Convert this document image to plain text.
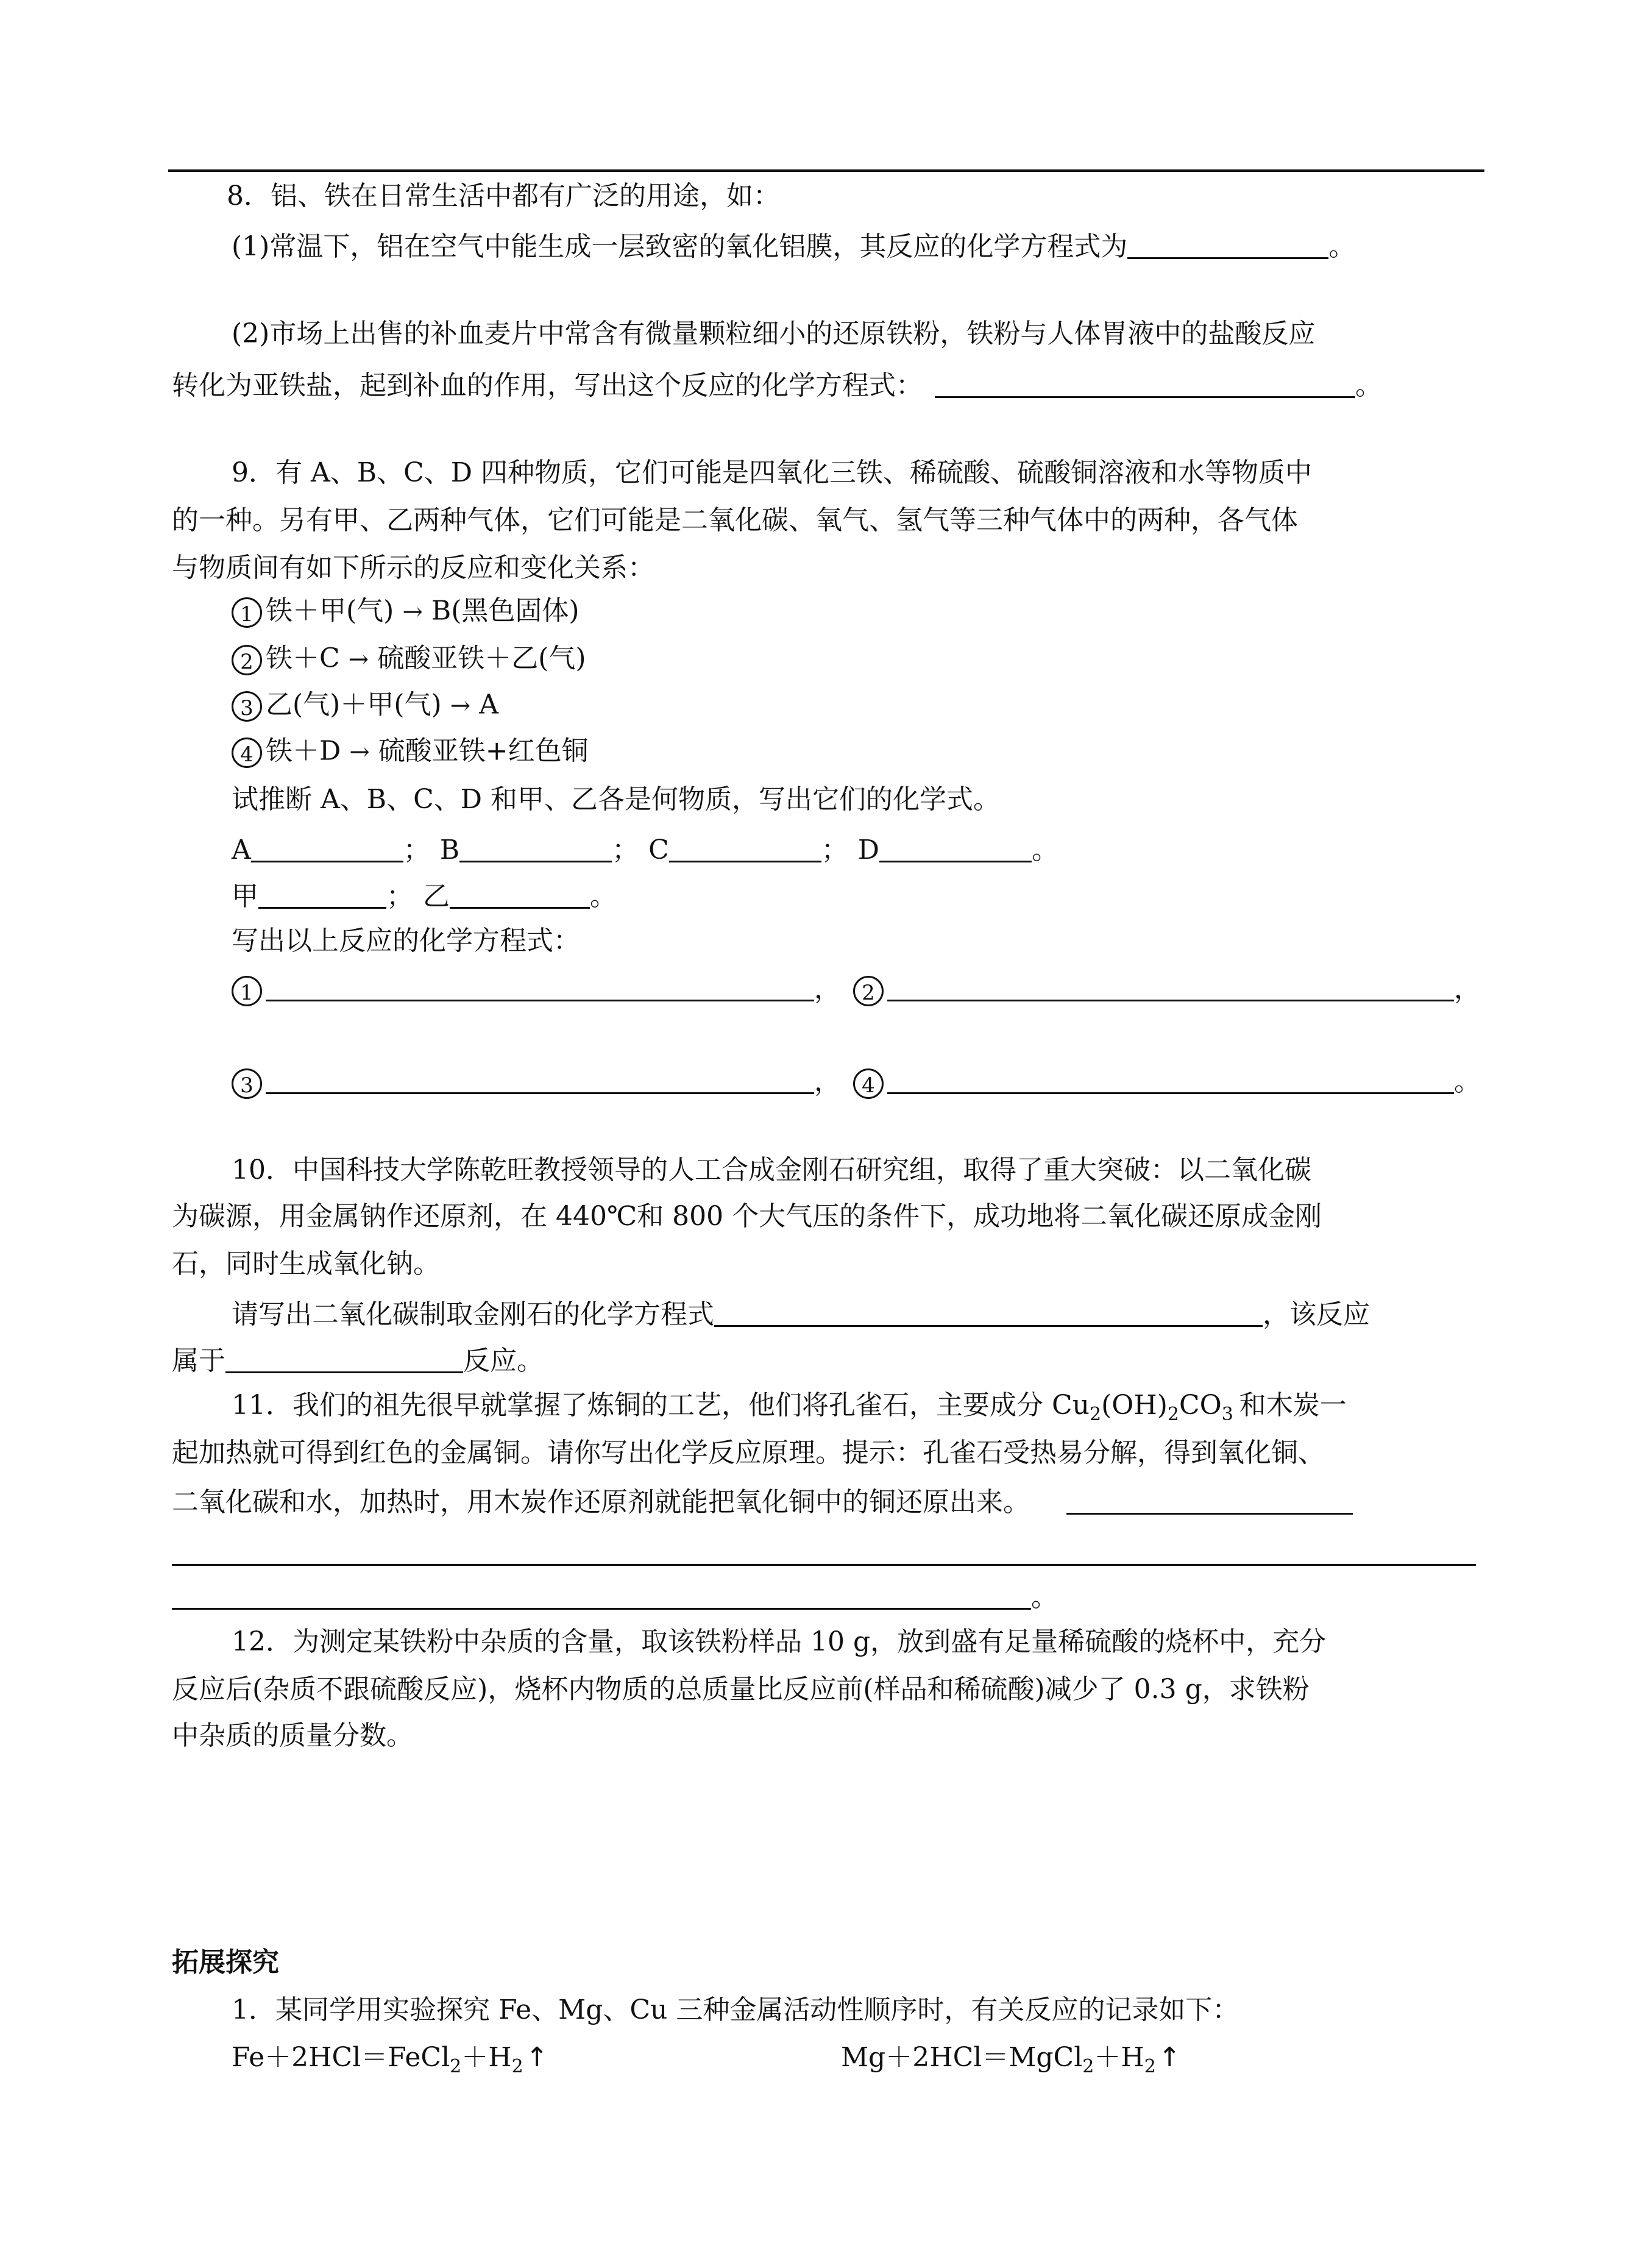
8．铝、铁在日常生活中都有广泛的用途，如：
(1)常温下，铝在空气中能生成一层致密的氧化铝膜，其反应的化学方程式为	。
(2)市场上出售的补血麦片中常含有微量颗粒细小的还原铁粉，铁粉与人体胃液中的盐酸反应
转化为亚铁盐，起到补血的作用，写出这个反应的化学方程式：	。
9．有 A、B、C、D 四种物质，它们可能是四氧化三铁、稀硫酸、硫酸铜溶液和水等物质中
的一种。另有甲、乙两种气体，它们可能是二氧化碳、氧气、氢气等三种气体中的两种，各气体
与物质间有如下所示的反应和变化关系：
1 铁＋甲(气) → B(黑色固体)
2 铁＋C → 硫酸亚铁＋乙(气)
3 乙(气)＋甲(气) → A
4 铁＋D → 硫酸亚铁+红色铜
试推断 A、B、C、D 和甲、乙各是何物质，写出它们的化学式。
A	； B	； C	； D	。
甲	； 乙	。
写出以上反应的化学方程式：
1	， 2	，
3	， 4	。
10．中国科技大学陈乾旺教授领导的人工合成金刚石研究组，取得了重大突破：以二氧化碳
为碳源，用金属钠作还原剂，在 440℃和 800 个大气压的条件下，成功地将二氧化碳还原成金刚
石，同时生成氧化钠。
请写出二氧化碳制取金刚石的化学方程式	，该反应
属于	反应。
11．我们的祖先很早就掌握了炼铜的工艺，他们将孔雀石，主要成分 $Cu_2(OH)_2CO_3$ 和木炭一
起加热就可得到红色的金属铜。请你写出化学反应原理。提示：孔雀石受热易分解，得到氧化铜、
二氧化碳和水，加热时，用木炭作还原剂就能把氧化铜中的铜还原出来。
。
12．为测定某铁粉中杂质的含量，取该铁粉样品 10 g，放到盛有足量稀硫酸的烧杯中，充分
反应后(杂质不跟硫酸反应)，烧杯内物质的总质量比反应前(样品和稀硫酸)减少了 0.3 g，求铁粉
中杂质的质量分数。
拓展探究
1．某同学用实验探究 Fe、Mg、Cu 三种金属活动性顺序时，有关反应的记录如下：
$Fe+2HCl=FeCl_2+H_2↑$	$Mg+2HCl=MgCl_2+H_2↑$
